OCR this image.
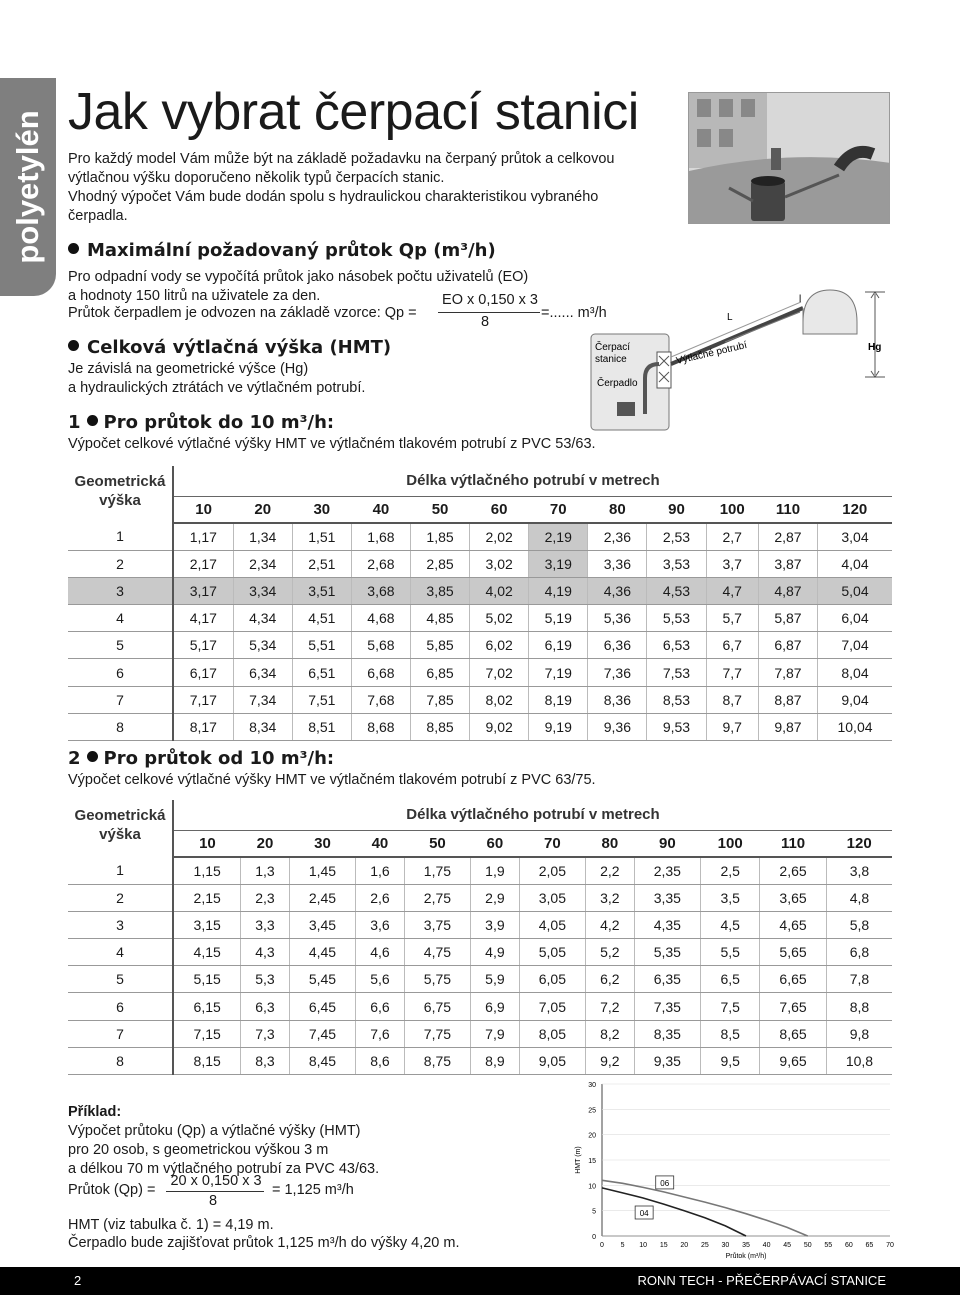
polyetylén Jak vybrat čerpací stanici
Pro každý model Vám může být na základě požadavku na čerpaný průtok a celkovou
výtlačnou výšku doporučeno několik typů čerpacích stanic.
Vhodný výpočet Vám bude dodán spolu s hydraulickou charakteristikou vybraného
čerpadla.
Maximální požadovaný průtok Qp (m³/h)
Pro odpadní vody se vypočítá průtok jako násobek počtu uživatelů (EO)
a hodnoty 150 litrů na uživatele za den.
Průtok čerpadlem je odvozen na základě vzorce: Qp =
EO x 0,150 x 3
8
=...... m³/h
Celková výtlačná výška (HMT)
Je závislá na geometrické výšce (Hg)
a hydraulických ztrátách ve výtlačném potrubí.
Čerpací
stanice
Čerpadlo
Výtlačné potrubí
L
l
Hg
1 Pro průtok do 10 m³/h:
Výpočet celkové výtlačné výšky HMT ve výtlačném tlakovém potrubí z PVC 53/63.
Geometrická
výška	Délka výtlačného potrubí v metrech											
	10	20	30	40	50	60	70	80	90	100	110	120
1	1,17	1,34	1,51	1,68	1,85	2,02	2,19	2,36	2,53	2,7	2,87	3,04
2	2,17	2,34	2,51	2,68	2,85	3,02	3,19	3,36	3,53	3,7	3,87	4,04
3	3,17	3,34	3,51	3,68	3,85	4,02	4,19	4,36	4,53	4,7	4,87	5,04
4	4,17	4,34	4,51	4,68	4,85	5,02	5,19	5,36	5,53	5,7	5,87	6,04
5	5,17	5,34	5,51	5,68	5,85	6,02	6,19	6,36	6,53	6,7	6,87	7,04
6	6,17	6,34	6,51	6,68	6,85	7,02	7,19	7,36	7,53	7,7	7,87	8,04
7	7,17	7,34	7,51	7,68	7,85	8,02	8,19	8,36	8,53	8,7	8,87	9,04
8	8,17	8,34	8,51	8,68	8,85	9,02	9,19	9,36	9,53	9,7	9,87	10,04
2 Pro průtok od 10 m³/h:
Výpočet celkové výtlačné výšky HMT ve výtlačném tlakovém potrubí z PVC 63/75.
Geometrická
výška	Délka výtlačného potrubí v metrech											
	10	20	30	40	50	60	70	80	90	100	110	120
1	1,15	1,3	1,45	1,6	1,75	1,9	2,05	2,2	2,35	2,5	2,65	3,8
2	2,15	2,3	2,45	2,6	2,75	2,9	3,05	3,2	3,35	3,5	3,65	4,8
3	3,15	3,3	3,45	3,6	3,75	3,9	4,05	4,2	4,35	4,5	4,65	5,8
4	4,15	4,3	4,45	4,6	4,75	4,9	5,05	5,2	5,35	5,5	5,65	6,8
5	5,15	5,3	5,45	5,6	5,75	5,9	6,05	6,2	6,35	6,5	6,65	7,8
6	6,15	6,3	6,45	6,6	6,75	6,9	7,05	7,2	7,35	7,5	7,65	8,8
7	7,15	7,3	7,45	7,6	7,75	7,9	8,05	8,2	8,35	8,5	8,65	9,8
8	8,15	8,3	8,45	8,6	8,75	8,9	9,05	9,2	9,35	9,5	9,65	10,8
Příklad:
Výpočet průtoku (Qp) a výtlačné výšky (HMT)
pro 20 osob, s geometrickou výškou 3 m
a délkou 70 m výtlačného potrubí za PVC 43/63.
Průtok (Qp) =
20 x 0,150 x 3
8
= 1,125 m³/h
HMT (viz tabulka č. 1) = 4,19 m.
Čerpadlo bude zajišťovat průtok 1,125 m³/h do výšky 4,20 m.	0
5
10
15
20
25
30
0 5 10 15 20 25 30 35 40 45 50 55 60 65 70
Průtok (m³/h)
HMT (m)
04
06
2	RONN TECH - PŘEČERPÁVACÍ STANICE
